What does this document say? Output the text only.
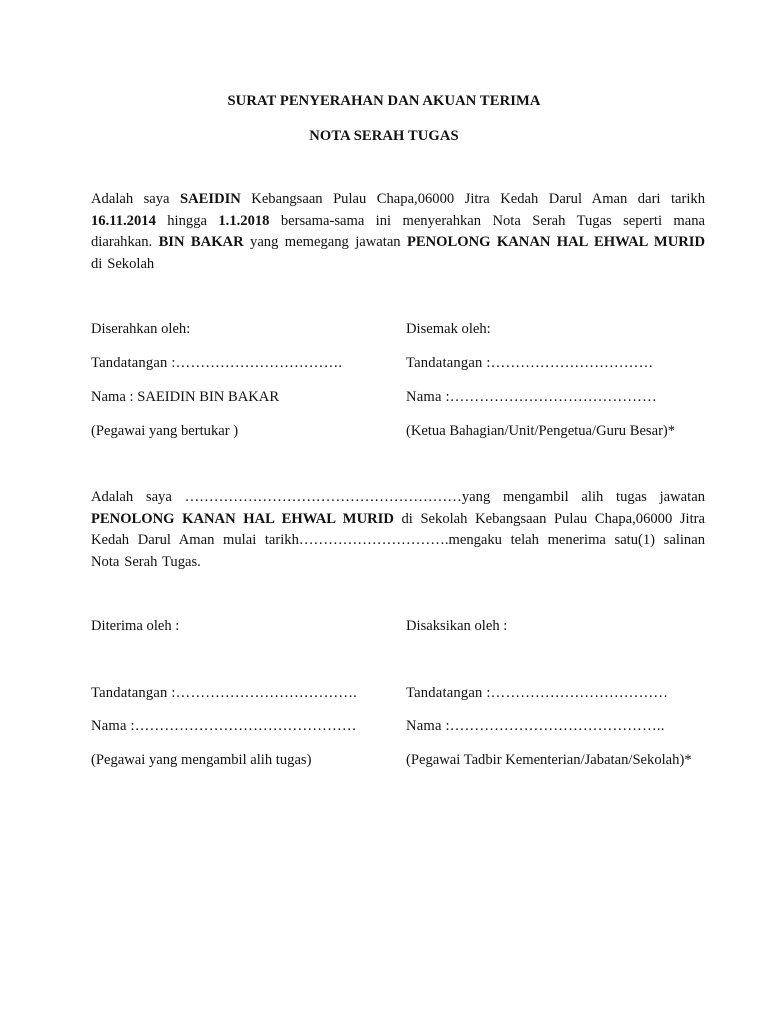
SURAT PENYERAHAN DAN AKUAN TERIMA
NOTA SERAH TUGAS
Adalah saya SAEIDIN Kebangsaan Pulau Chapa,06000 Jitra Kedah Darul Aman dari tarikh 16.11.2014 hingga 1.1.2018 bersama-sama ini menyerahkan Nota Serah Tugas seperti mana diarahkan. BIN BAKAR yang memegang jawatan PENOLONG KANAN HAL EHWAL MURID di Sekolah
Diserahkan oleh:
Tandatangan :…………………………….
Nama : SAEIDIN BIN BAKAR
(Pegawai yang bertukar )
Disemak oleh:
Tandatangan :……………………………
Nama :……………………………………
(Ketua Bahagian/Unit/Pengetua/Guru Besar)*
Adalah saya …………………………………………………yang mengambil alih tugas jawatan PENOLONG KANAN HAL EHWAL MURID di Sekolah Kebangsaan Pulau Chapa,06000 Jitra Kedah Darul Aman mulai tarikh………………………….mengaku telah menerima satu(1) salinan Nota Serah Tugas.
Diterima oleh :
Tandatangan :……………………………….
Nama :………………………………………
(Pegawai yang mengambil alih tugas)
Disaksikan oleh :
Tandatangan :………………………………
Nama :……………………………………..
(Pegawai Tadbir Kementerian/Jabatan/Sekolah)*
